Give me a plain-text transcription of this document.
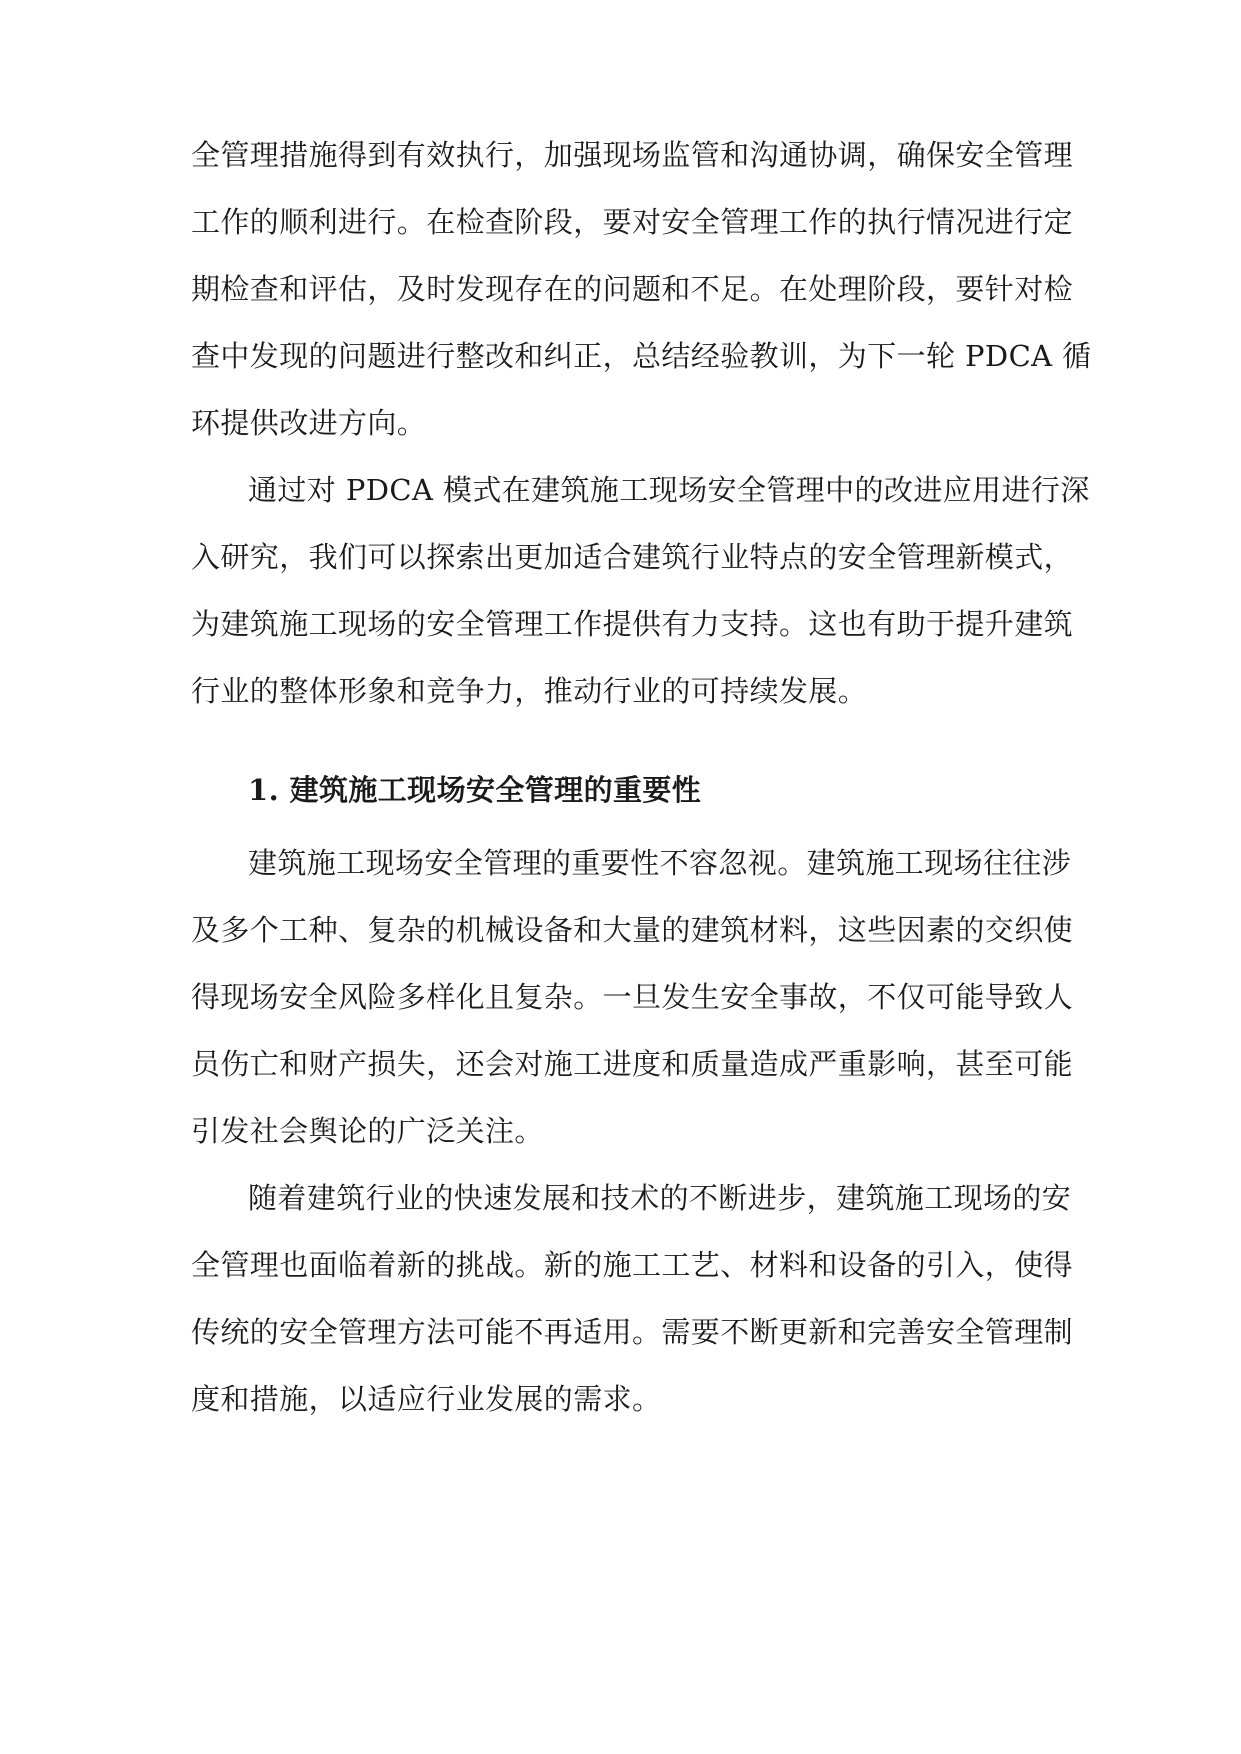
全管理措施得到有效执行，加强现场监管和沟通协调，确保安全管理
工作的顺利进行。在检查阶段，要对安全管理工作的执行情况进行定
期检查和评估，及时发现存在的问题和不足。在处理阶段，要针对检
查中发现的问题进行整改和纠正，总结经验教训，为下一轮 PDCA 循
环提供改进方向。
通过对 PDCA 模式在建筑施工现场安全管理中的改进应用进行深
入研究，我们可以探索出更加适合建筑行业特点的安全管理新模式，
为建筑施工现场的安全管理工作提供有力支持。这也有助于提升建筑
行业的整体形象和竞争力，推动行业的可持续发展。
1. 建筑施工现场安全管理的重要性
建筑施工现场安全管理的重要性不容忽视。建筑施工现场往往涉
及多个工种、复杂的机械设备和大量的建筑材料，这些因素的交织使
得现场安全风险多样化且复杂。一旦发生安全事故，不仅可能导致人
员伤亡和财产损失，还会对施工进度和质量造成严重影响，甚至可能
引发社会舆论的广泛关注。
随着建筑行业的快速发展和技术的不断进步，建筑施工现场的安
全管理也面临着新的挑战。新的施工工艺、材料和设备的引入，使得
传统的安全管理方法可能不再适用。需要不断更新和完善安全管理制
度和措施，以适应行业发展的需求。
